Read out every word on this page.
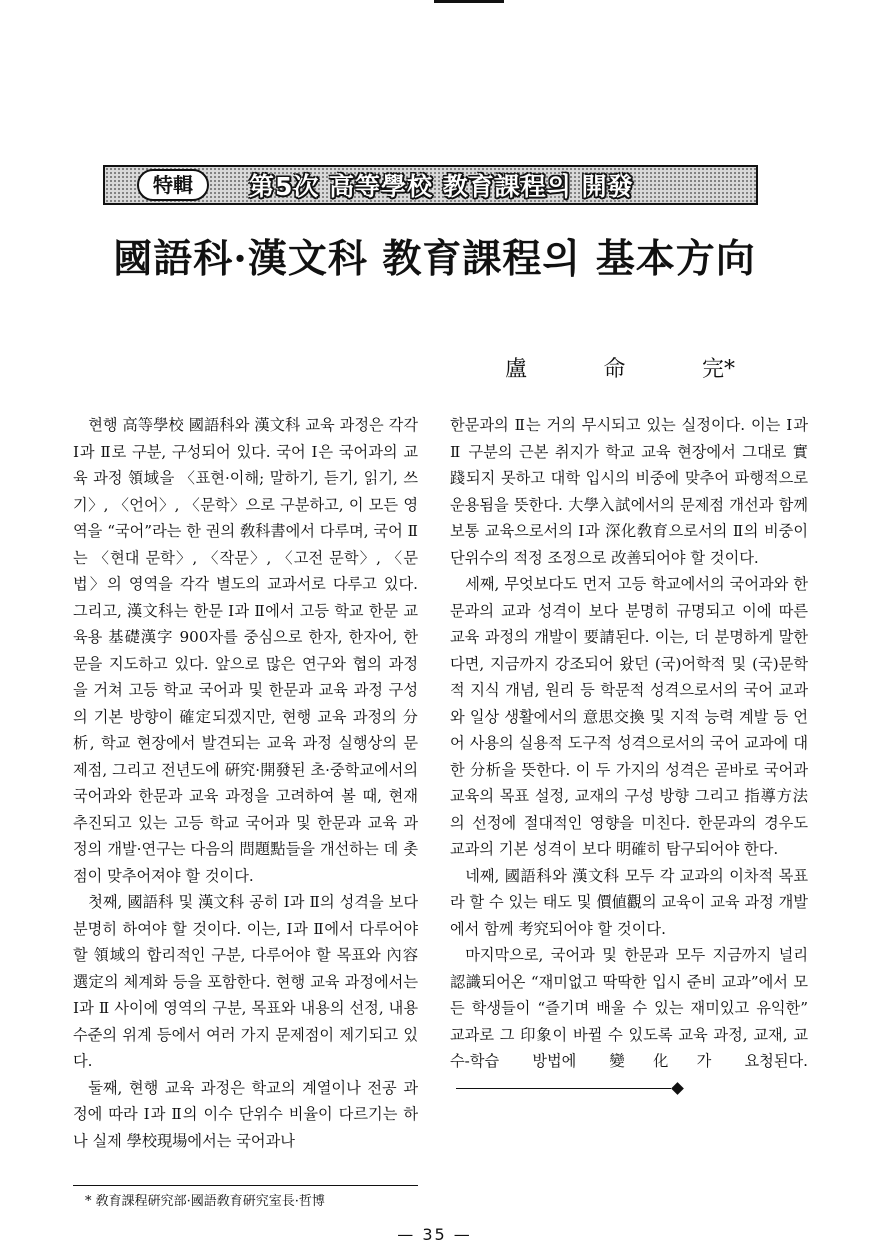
特輯	第5次 高等學校 教育課程의 開發
國語科·漢文科 教育課程의 基本方向
盧	命	完*

현행 高等學校 國語科와 漢文科 교육 과정은 각각 Ⅰ과 Ⅱ로 구분, 구성되어 있다. 국어 Ⅰ은 국어과의 교육 과정 領域을 〈표현·이해; 말하기, 듣기, 읽기, 쓰기〉, 〈언어〉, 〈문학〉으로 구분하고, 이 모든 영역을 “국어”라는 한 권의 敎科書에서 다루며, 국어 Ⅱ는 〈현대 문학〉, 〈작문〉, 〈고전 문학〉, 〈문법〉의 영역을 각각 별도의 교과서로 다루고 있다. 그리고, 漢文科는 한문 Ⅰ과 Ⅱ에서 고등 학교 한문 교육용 基礎漢字 900자를 중심으로 한자, 한자어, 한문을 지도하고 있다. 앞으로 많은 연구와 협의 과정을 거쳐 고등 학교 국어과 및 한문과 교육 과정 구성의 기본 방향이 確定되겠지만, 현행 교육 과정의 分析, 학교 현장에서 발견되는 교육 과정 실행상의 문제점, 그리고 전년도에 硏究·開發된 초·중학교에서의 국어과와 한문과 교육 과정을 고려하여 볼 때, 현재 추진되고 있는 고등 학교 국어과 및 한문과 교육 과정의 개발·연구는 다음의 問題點들을 개선하는 데 촛점이 맞추어져야 할 것이다.

첫째, 國語科 및 漢文科 공히 Ⅰ과 Ⅱ의 성격을 보다 분명히 하여야 할 것이다. 이는, Ⅰ과 Ⅱ에서 다루어야 할 領域의 합리적인 구분, 다루어야 할 목표와 內容選定의 체계화 등을 포함한다. 현행 교육 과정에서는 Ⅰ과 Ⅱ 사이에 영역의 구분, 목표와 내용의 선정, 내용 수준의 위계 등에서 여러 가지 문제점이 제기되고 있다.

둘째, 현행 교육 과정은 학교의 계열이나 전공 과정에 따라 Ⅰ과 Ⅱ의 이수 단위수 비율이 다르기는 하나 실제 學校現場에서는 국어과나

한문과의 Ⅱ는 거의 무시되고 있는 실정이다. 이는 Ⅰ과 Ⅱ 구분의 근본 취지가 학교 교육 현장에서 그대로 實踐되지 못하고 대학 입시의 비중에 맞추어 파행적으로 운용됨을 뜻한다. 大學入試에서의 문제점 개선과 함께 보통 교육으로서의 Ⅰ과 深化敎育으로서의 Ⅱ의 비중이 단위수의 적정 조정으로 改善되어야 할 것이다.

세째, 무엇보다도 먼저 고등 학교에서의 국어과와 한문과의 교과 성격이 보다 분명히 규명되고 이에 따른 교육 과정의 개발이 要請된다. 이는, 더 분명하게 말한다면, 지금까지 강조되어 왔던 (국)어학적 및 (국)문학적 지식 개념, 원리 등 학문적 성격으로서의 국어 교과와 일상 생활에서의 意思交換 및 지적 능력 계발 등 언어 사용의 실용적 도구적 성격으로서의 국어 교과에 대한 分析을 뜻한다. 이 두 가지의 성격은 곧바로 국어과 교육의 목표 설정, 교재의 구성 방향 그리고 指導方法의 선정에 절대적인 영향을 미친다. 한문과의 경우도 교과의 기본 성격이 보다 明確히 탐구되어야 한다.

네째, 國語科와 漢文科 모두 각 교과의 이차적 목표라 할 수 있는 태도 및 價値觀의 교육이 교육 과정 개발에서 함께 考究되어야 할 것이다.

마지막으로, 국어과 및 한문과 모두 지금까지 널리 認識되어온 “재미없고 딱딱한 입시 준비 교과”에서 모든 학생들이 “즐기며 배울 수 있는 재미있고 유익한” 교과로 그 印象이 바뀔 수 있도록 교육 과정, 교재, 교수-학습 방법에 變化가 요청된다.

* 敎育課程硏究部·國語敎育硏究室長·哲博
— 35 —
